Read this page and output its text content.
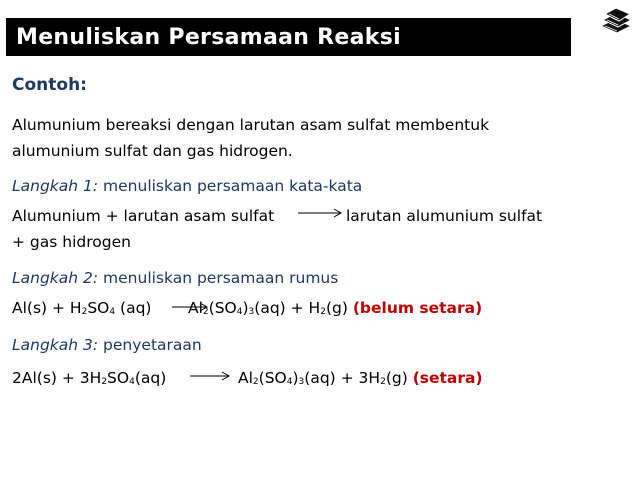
Menuliskan Persamaan Reaksi
Contoh:
Alumunium bereaksi dengan larutan asam sulfat membentuk
alumunium sulfat dan gas hidrogen.
Langkah 1: menuliskan persamaan kata-kata
Alumunium + larutan asam sulfat → larutan alumunium sulfat
+ gas hidrogen
Langkah 2: menuliskan persamaan rumus
$Al(s) + H_2SO_4$ (aq) →
$Al_2(SO_4)_3(aq) + H_2(g)$ (belum setara)
Langkah 3: penyetaraan
$2Al(s) + 3H_2SO_4(aq) \to Al_2(SO_4)_3(aq) + 3H_2(g)$ (setara)
